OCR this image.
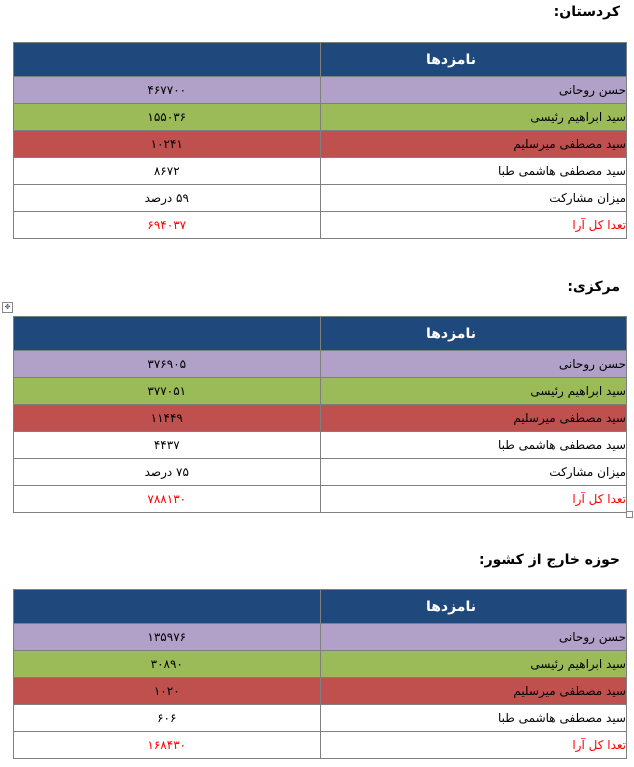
کردستان:
نامزدها	
حسن روحانی	۴۶۷۷۰۰
سید ابراهیم رئیسی	۱۵۵۰۳۶
سید مصطفی میرسلیم	۱۰۲۴۱
سید مصطفی هاشمی طبا	۸۶۷۲
میزان مشارکت	۵۹ درصد
تعدا کل آرا	۶۹۴۰۳۷
✥
مرکزی:
نامزدها	
حسن روحانی	۳۷۶۹۰۵
سید ابراهیم رئیسی	۳۷۷۰۵۱
سید مصطفی میرسلیم	۱۱۴۴۹
سید مصطفی هاشمی طبا	۴۴۳۷
میزان مشارکت	۷۵ درصد
تعدا کل آرا	۷۸۸۱۳۰
حوزه خارج از کشور:
نامزدها	
حسن روحانی	۱۳۵۹۷۶
سید ابراهیم رئیسی	۳۰۸۹۰
سید مصطفی میرسلیم	۱۰۲۰
سید مصطفی هاشمی طبا	۶۰۶
تعدا کل آرا	۱۶۸۴۳۰
